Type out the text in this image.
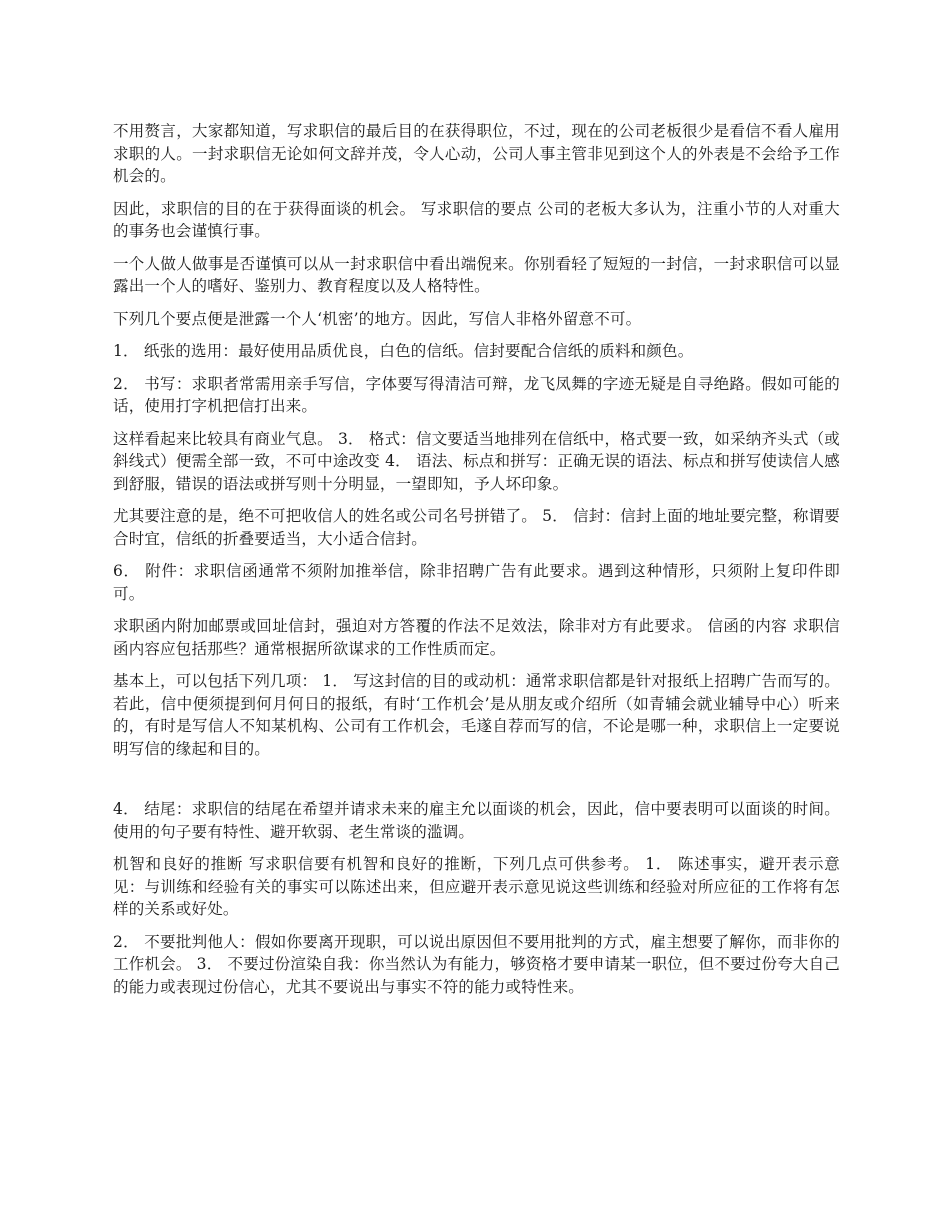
不用赘言，大家都知道，写求职信的最后目的在获得职位，不过，现在的公司老板很少是看信不看人雇用求职的人。一封求职信无论如何文辞并茂，令人心动，公司人事主管非见到这个人的外表是不会给予工作机会的。

因此，求职信的目的在于获得面谈的机会。 写求职信的要点 公司的老板大多认为，注重小节的人对重大的事务也会谨慎行事。

一个人做人做事是否谨慎可以从一封求职信中看出端倪来。你别看轻了短短的一封信，一封求职信可以显露出一个人的嗜好、鉴别力、教育程度以及人格特性。

下列几个要点便是泄露一个人‘机密’的地方。因此，写信人非格外留意不可。

1． 纸张的选用：最好使用品质优良，白色的信纸。信封要配合信纸的质料和颜色。

2． 书写：求职者常需用亲手写信，字体要写得清洁可辩，龙飞凤舞的字迹无疑是自寻绝路。假如可能的话，使用打字机把信打出来。

这样看起来比较具有商业气息。 3． 格式：信文要适当地排列在信纸中，格式要一致，如采纳齐头式（或斜线式）便需全部一致，不可中途改变 4． 语法、标点和拼写：正确无误的语法、标点和拼写使读信人感到舒服，错误的语法或拼写则十分明显，一望即知，予人坏印象。

尤其要注意的是，绝不可把收信人的姓名或公司名号拼错了。 5． 信封：信封上面的地址要完整，称谓要合时宜，信纸的折叠要适当，大小适合信封。

6． 附件：求职信函通常不须附加推举信，除非招聘广告有此要求。遇到这种情形，只须附上复印件即可。

求职函内附加邮票或回址信封，强迫对方答覆的作法不足效法，除非对方有此要求。 信函的内容 求职信函内容应包括那些？通常根据所欲谋求的工作性质而定。

基本上，可以包括下列几项： 1． 写这封信的目的或动机：通常求职信都是针对报纸上招聘广告而写的。若此，信中便须提到何月何日的报纸，有时‘工作机会’是从朋友或介绍所（如青辅会就业辅导中心）听来的，有时是写信人不知某机构、公司有工作机会，毛遂自荐而写的信，不论是哪一种，求职信上一定要说明写信的缘起和目的。

4． 结尾：求职信的结尾在希望并请求未来的雇主允以面谈的机会，因此，信中要表明可以面谈的时间。使用的句子要有特性、避开软弱、老生常谈的滥调。

机智和良好的推断 写求职信要有机智和良好的推断，下列几点可供参考。 1． 陈述事实，避开表示意见：与训练和经验有关的事实可以陈述出来，但应避开表示意见说这些训练和经验对所应征的工作将有怎样的关系或好处。

2． 不要批判他人：假如你要离开现职，可以说出原因但不要用批判的方式，雇主想要了解你，而非你的工作机会。 3． 不要过份渲染自我：你当然认为有能力，够资格才要申请某一职位，但不要过份夸大自己的能力或表现过份信心，尤其不要说出与事实不符的能力或特性来。
